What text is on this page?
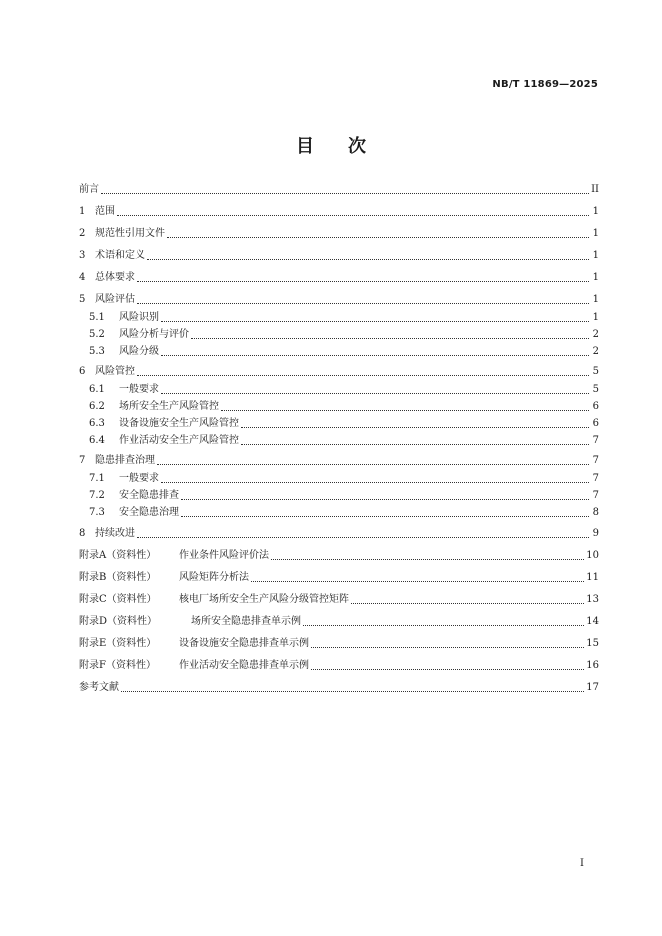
NB/T 11869—2025
目 次
前言	II
1 范围	1
2 规范性引用文件	1
3 术语和定义	1
4 总体要求	1
5 风险评估	1
5.1	风险识别	1
5.2	风险分析与评价	2
5.3	风险分级	2
6 风险管控	5
6.1	一般要求	5
6.2	场所安全生产风险管控	6
6.3	设备设施安全生产风险管控	6
6.4	作业活动安全生产风险管控	7
7 隐患排查治理	7
7.1	一般要求	7
7.2	安全隐患排查	7
7.3	安全隐患治理	8
8 持续改进	9
附录A（资料性）	作业条件风险评价法	10
附录B（资料性）	风险矩阵分析法	11
附录C（资料性）	核电厂场所安全生产风险分级管控矩阵	13
附录D（资料性）	场所安全隐患排查单示例	14
附录E（资料性）	设备设施安全隐患排查单示例	15
附录F（资料性）	作业活动安全隐患排查单示例	16
参考文献	17
I
